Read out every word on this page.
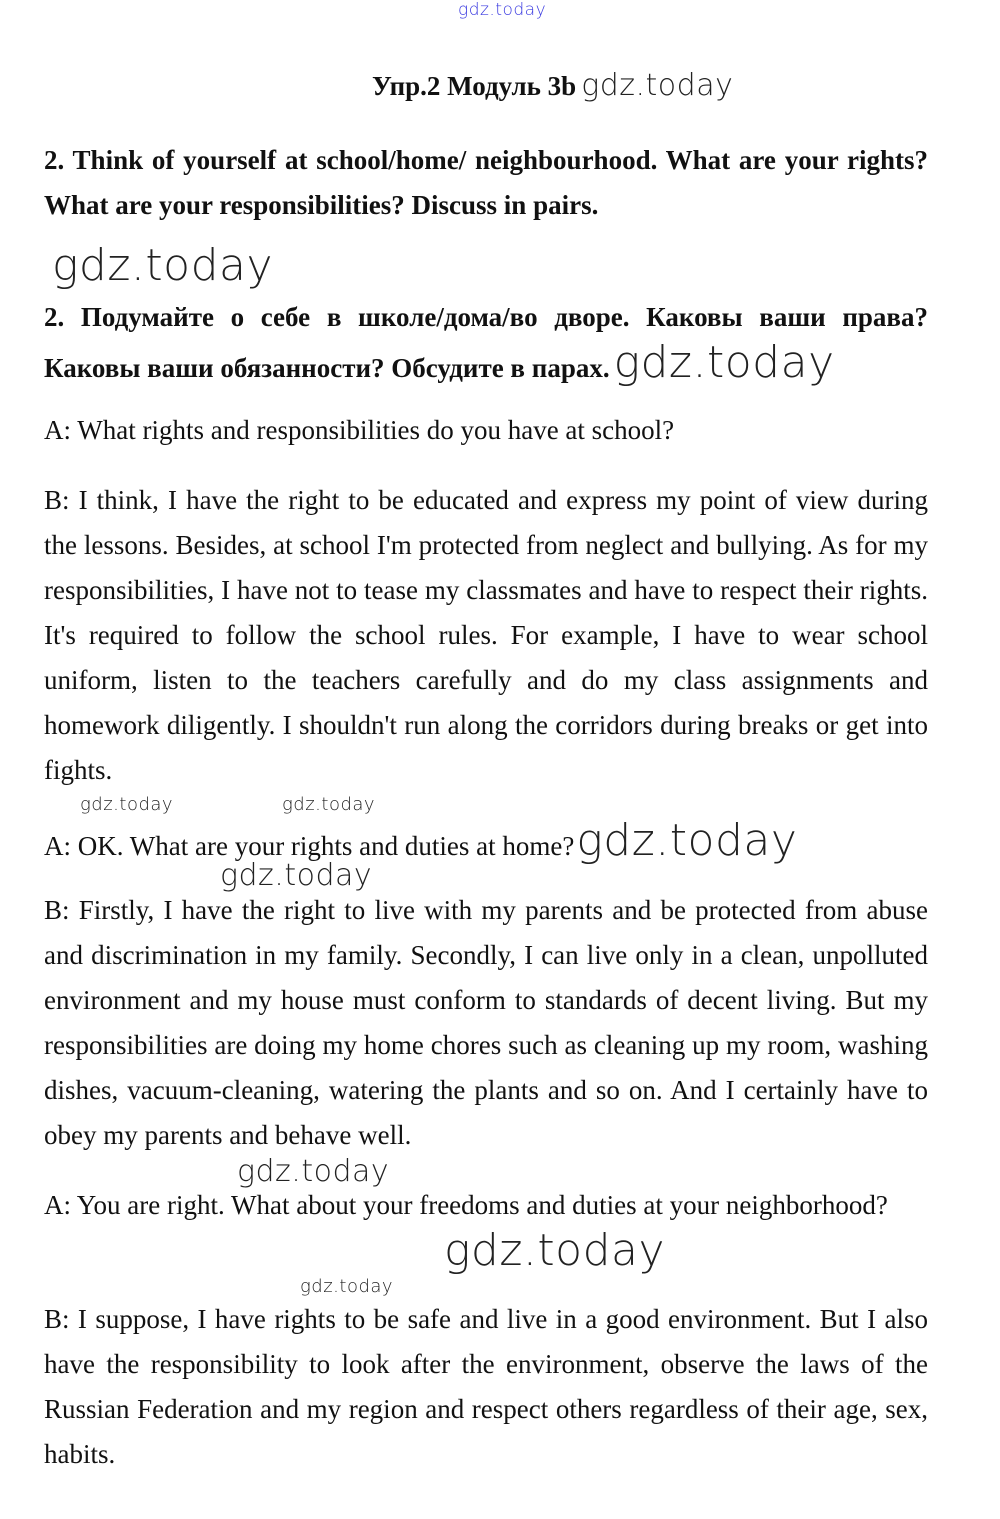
Упр.2 Модуль 3b gdz.today

2. Think of yourself at school/home/ neighbourhood. What are your rights? What are your responsibilities? Discuss in pairs.

2. Подумайте о себе в школе/дома/во дворе. Каковы ваши права? Каковы ваши обязанности? Обсудите в парах.gdz.today

A: What rights and responsibilities do you have at school?

B: I think, I have the right to be educated and express my point of view during the lessons. Besides, at school I'm protected from neglect and bullying. As for my responsibilities, I have not to tease my classmates and have to respect their rights. It's required to follow the school rules. For example, I have to wear school uniform, listen to the teachers carefully and do my class assignments and homework diligently. I shouldn't run along the corridors during breaks or get into fights.

A: OK. What are your rights and duties at home?gdz.today

B: Firstly, I have the right to live with my parents and be protected from abuse and discrimination in my family. Secondly, I can live only in a clean, unpolluted environment and my house must conform to standards of decent living. But my responsibilities are doing my home chores such as cleaning up my room, washing dishes, vacuum-cleaning, watering the plants and so on. And I certainly have to obey my parents and behave well.

A: You are right. What about your freedoms and duties at your neighborhood?gdz.today

B: I suppose, I have rights to be safe and live in a good environment. But I also have the responsibility to look after the environment, observe the laws of the Russian Federation and my region and respect others regardless of their age, sex, habits.

gdz.today
gdz.today
gdz.today	gdz.today
gdz.today
gdz.today
gdz.today
